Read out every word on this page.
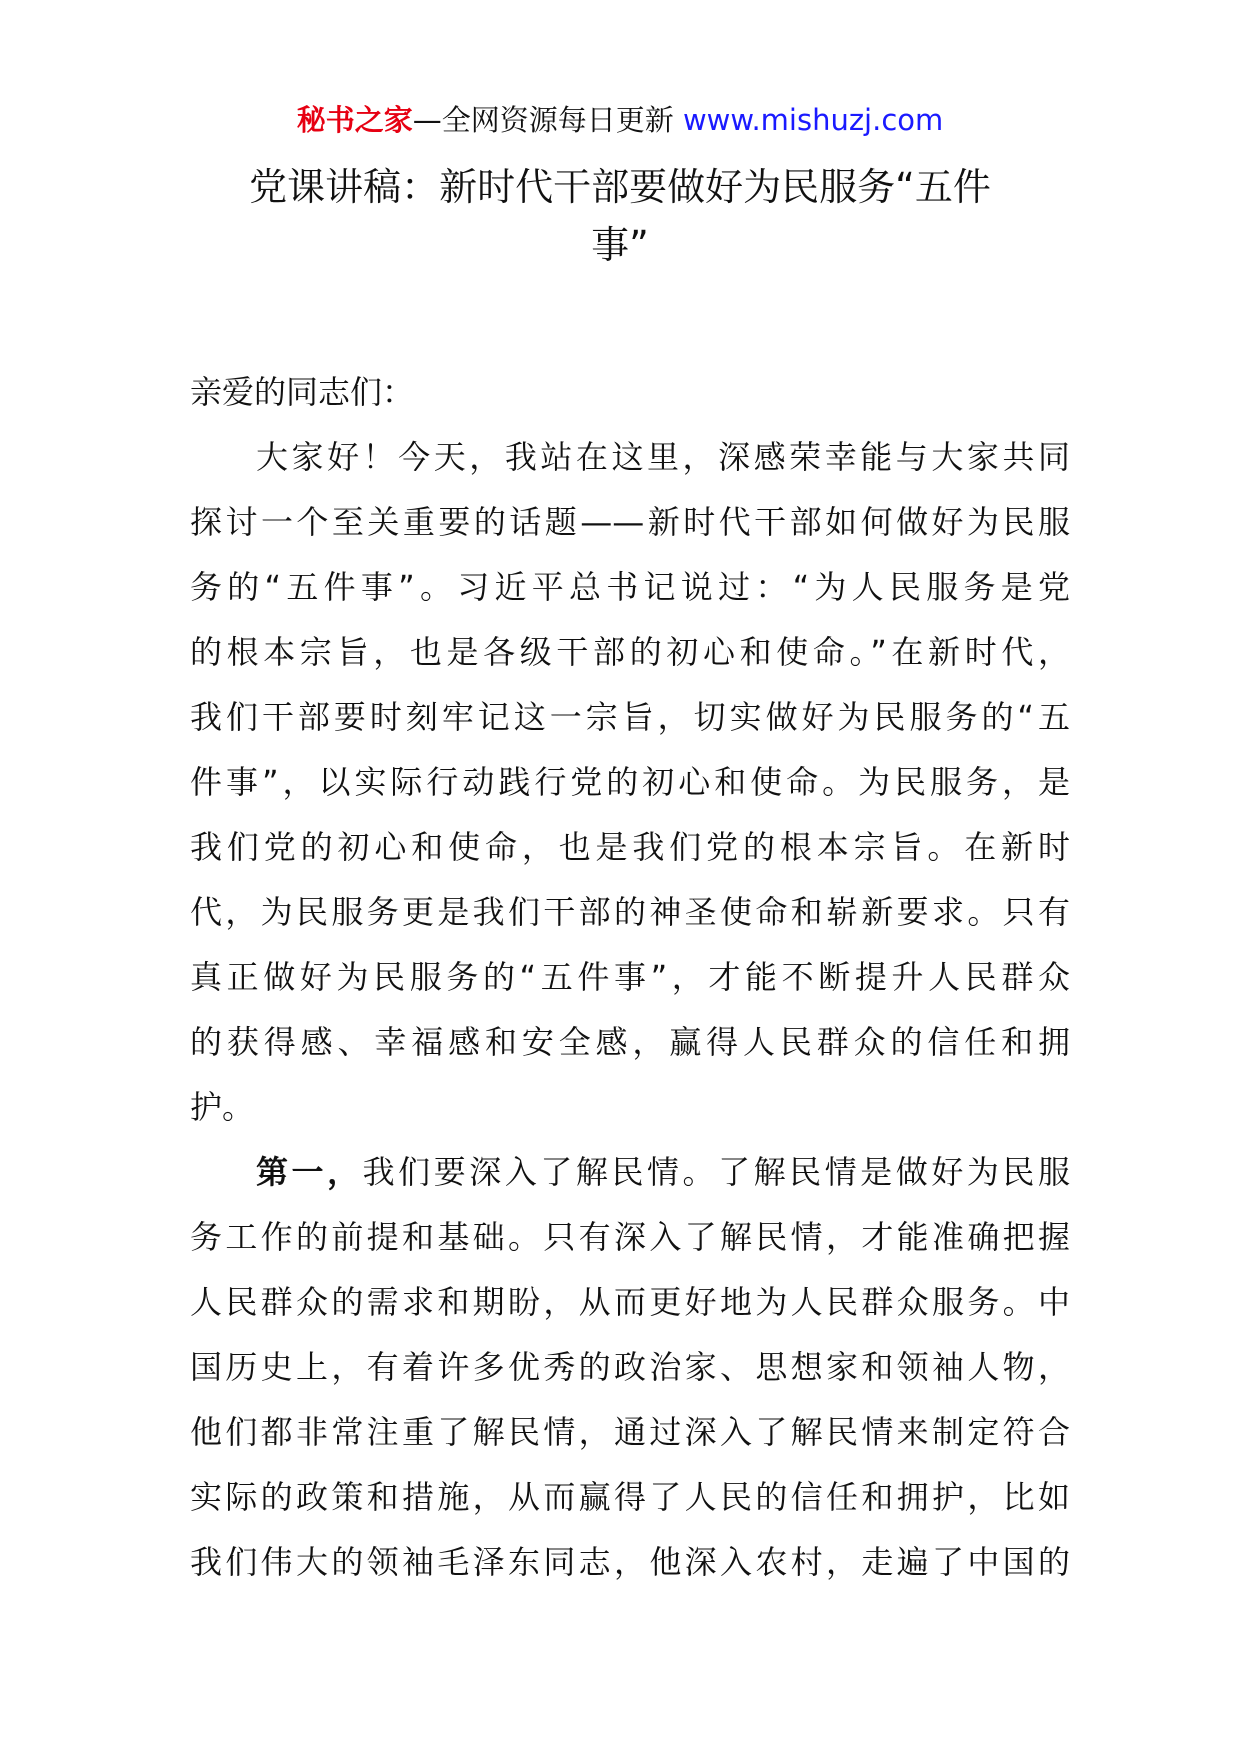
秘书之家—全网资源每日更新 www.mishuzj.com
党课讲稿：新时代干部要做好为民服务“五件
事”
亲爱的同志们：
大家好！今天，我站在这里，深感荣幸能与大家共同
探讨一个至关重要的话题——新时代干部如何做好为民服
务的“五件事”。习近平总书记说过：“为人民服务是党
的根本宗旨，也是各级干部的初心和使命。”在新时代，
我们干部要时刻牢记这一宗旨，切实做好为民服务的“五
件事”，以实际行动践行党的初心和使命。为民服务，是
我们党的初心和使命，也是我们党的根本宗旨。在新时
代，为民服务更是我们干部的神圣使命和崭新要求。只有
真正做好为民服务的“五件事”，才能不断提升人民群众
的获得感、幸福感和安全感，赢得人民群众的信任和拥
护。
第一，我们要深入了解民情。了解民情是做好为民服
务工作的前提和基础。只有深入了解民情，才能准确把握
人民群众的需求和期盼，从而更好地为人民群众服务。中
国历史上，有着许多优秀的政治家、思想家和领袖人物，
他们都非常注重了解民情，通过深入了解民情来制定符合
实际的政策和措施，从而赢得了人民的信任和拥护，比如
我们伟大的领袖毛泽东同志，他深入农村，走遍了中国的
